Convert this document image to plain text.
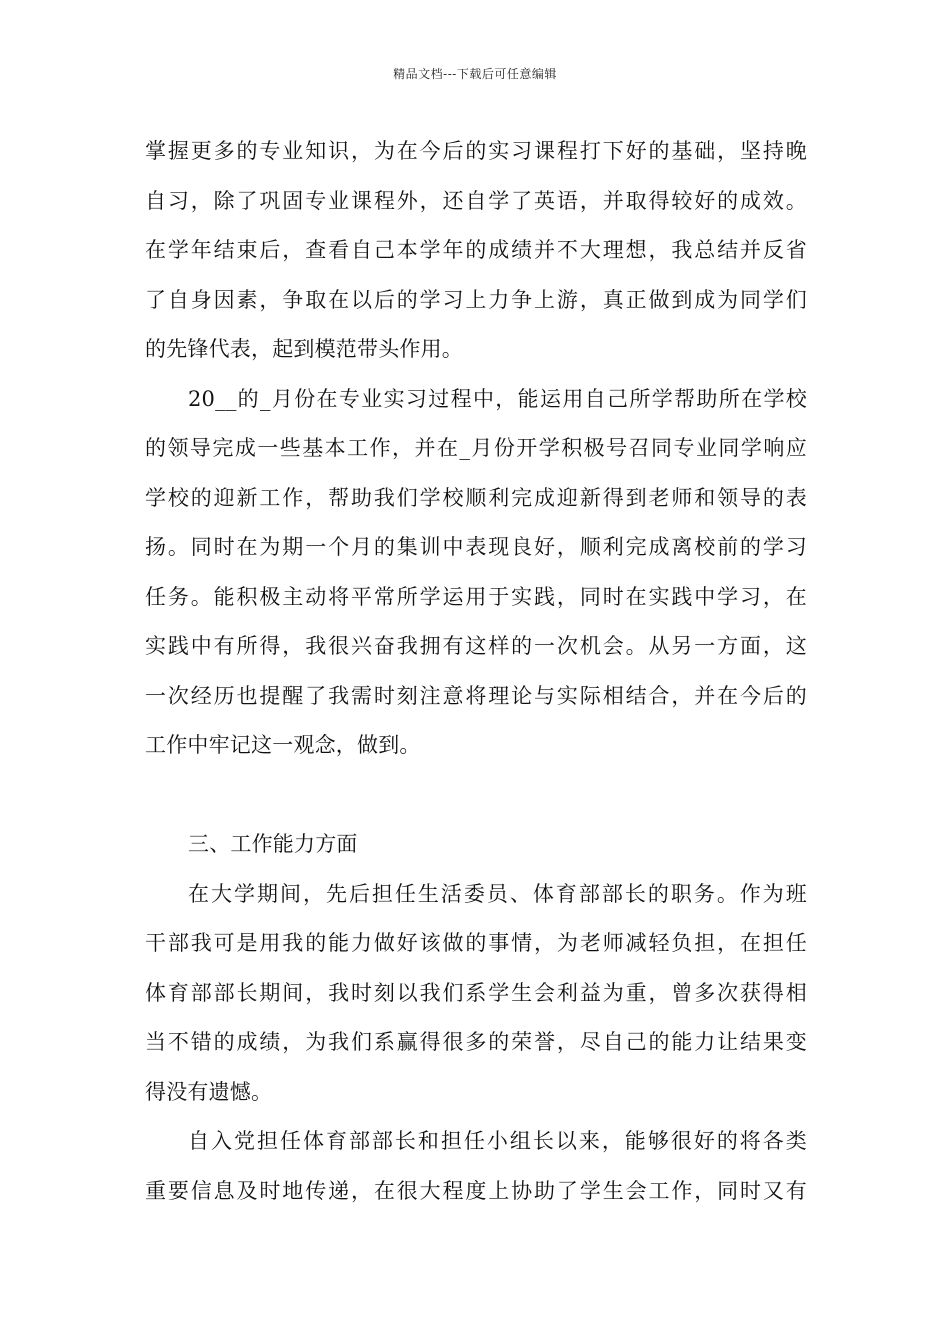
精品文档---下载后可任意编辑
掌握更多的专业知识，为在今后的实习课程打下好的基础，坚持晚
自习，除了巩固专业课程外，还自学了英语，并取得较好的成效。
在学年结束后，查看自己本学年的成绩并不大理想，我总结并反省
了自身因素，争取在以后的学习上力争上游，真正做到成为同学们
的先锋代表，起到模范带头作用。
20__的_月份在专业实习过程中，能运用自己所学帮助所在学校
的领导完成一些基本工作，并在_月份开学积极号召同专业同学响应
学校的迎新工作，帮助我们学校顺利完成迎新得到老师和领导的表
扬。同时在为期一个月的集训中表现良好，顺利完成离校前的学习
任务。能积极主动将平常所学运用于实践，同时在实践中学习，在
实践中有所得，我很兴奋我拥有这样的一次机会。从另一方面，这
一次经历也提醒了我需时刻注意将理论与实际相结合，并在今后的
工作中牢记这一观念，做到。
三、工作能力方面
在大学期间，先后担任生活委员、体育部部长的职务。作为班
干部我可是用我的能力做好该做的事情，为老师减轻负担，在担任
体育部部长期间，我时刻以我们系学生会利益为重，曾多次获得相
当不错的成绩，为我们系赢得很多的荣誉，尽自己的能力让结果变
得没有遗憾。
自入党担任体育部部长和担任小组长以来，能够很好的将各类
重要信息及时地传递，在很大程度上协助了学生会工作，同时又有
